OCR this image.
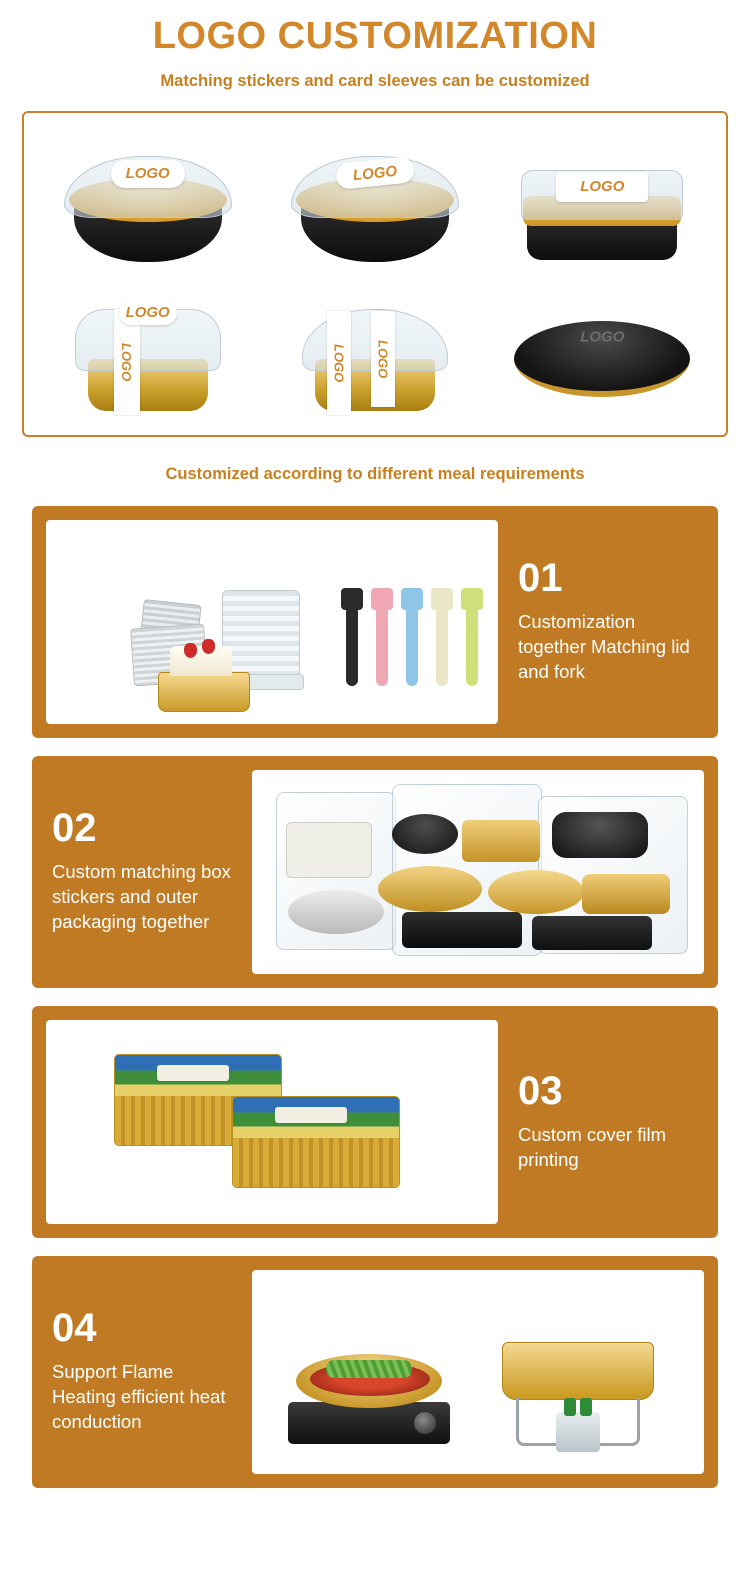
LOGO CUSTOMIZATION
Matching stickers and card sleeves can be customized
LOGO	LOGO
LOGO
LOGO
LOGO
LOGO	LOGO
LOGO
Customized according to different meal requirements
01
Customization together Matching lid and fork
02
Custom matching box stickers and outer packaging together
03
Custom cover film printing
04
Support Flame Heating efficient heat conduction
